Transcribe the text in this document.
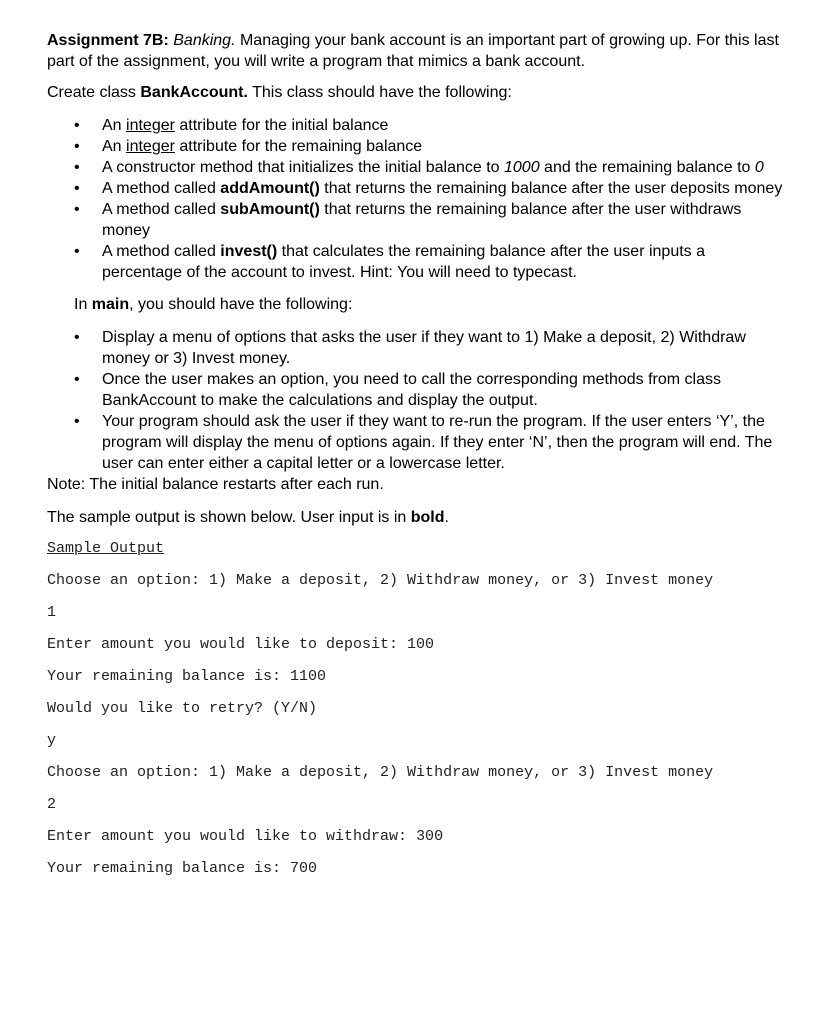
Assignment 7B: Banking. Managing your bank account is an important part of growing up. For this last part of the assignment, you will write a program that mimics a bank account.

Create class BankAccount. This class should have the following:

• An integer attribute for the initial balance
• An integer attribute for the remaining balance
• A constructor method that initializes the initial balance to 1000 and the remaining balance to 0
• A method called addAmount() that returns the remaining balance after the user deposits money
• A method called subAmount() that returns the remaining balance after the user withdraws money
• A method called invest() that calculates the remaining balance after the user inputs a percentage of the account to invest. Hint: You will need to typecast.

In main, you should have the following:

• Display a menu of options that asks the user if they want to 1) Make a deposit, 2) Withdraw money or 3) Invest money.
• Once the user makes an option, you need to call the corresponding methods from class BankAccount to make the calculations and display the output.
• Your program should ask the user if they want to re-run the program. If the user enters ‘Y’, the program will display the menu of options again. If they enter ‘N’, then the program will end. The user can enter either a capital letter or a lowercase letter.

Note: The initial balance restarts after each run.

The sample output is shown below. User input is in bold.

Sample Output
Choose an option: 1) Make a deposit, 2) Withdraw money, or 3) Invest money
1
Enter amount you would like to deposit: 100
Your remaining balance is: 1100
Would you like to retry? (Y/N)
y
Choose an option: 1) Make a deposit, 2) Withdraw money, or 3) Invest money
2
Enter amount you would like to withdraw: 300
Your remaining balance is: 700
